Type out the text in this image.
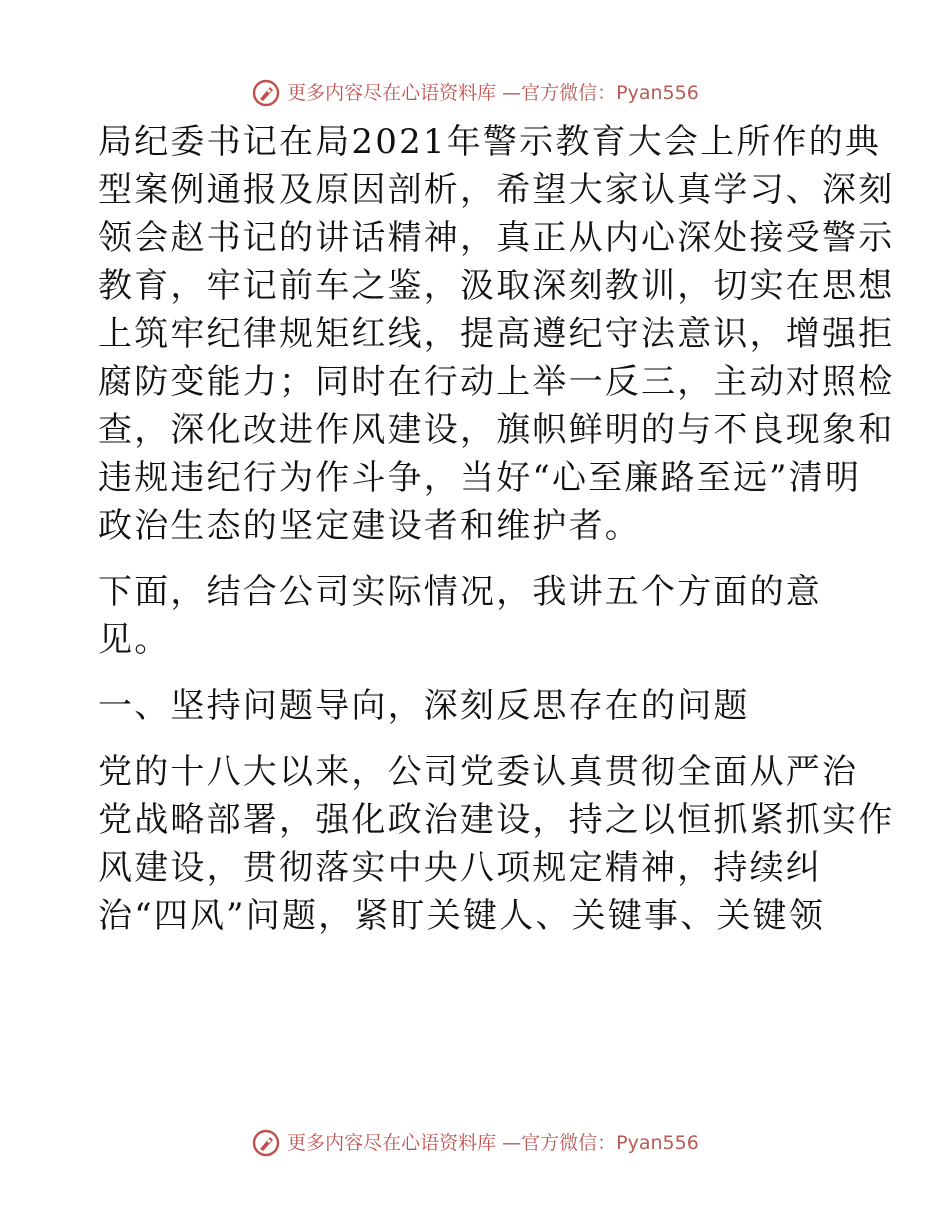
更多内容尽在心语资料库 —官方微信：Pyan556

局纪委书记在局2021年警示教育大会上所作的典
型案例通报及原因剖析，希望大家认真学习、深刻
领会赵书记的讲话精神，真正从内心深处接受警示
教育，牢记前车之鉴，汲取深刻教训，切实在思想
上筑牢纪律规矩红线，提高遵纪守法意识，增强拒
腐防变能力；同时在行动上举一反三，主动对照检
查，深化改进作风建设，旗帜鲜明的与不良现象和
违规违纪行为作斗争，当好“心至廉路至远”清明
政治生态的坚定建设者和维护者。

下面，结合公司实际情况，我讲五个方面的意
见。

一、坚持问题导向，深刻反思存在的问题

党的十八大以来，公司党委认真贯彻全面从严治
党战略部署，强化政治建设，持之以恒抓紧抓实作
风建设，贯彻落实中央八项规定精神，持续纠
治“四风”问题，紧盯关键人、关键事、关键领

更多内容尽在心语资料库 —官方微信：Pyan556
